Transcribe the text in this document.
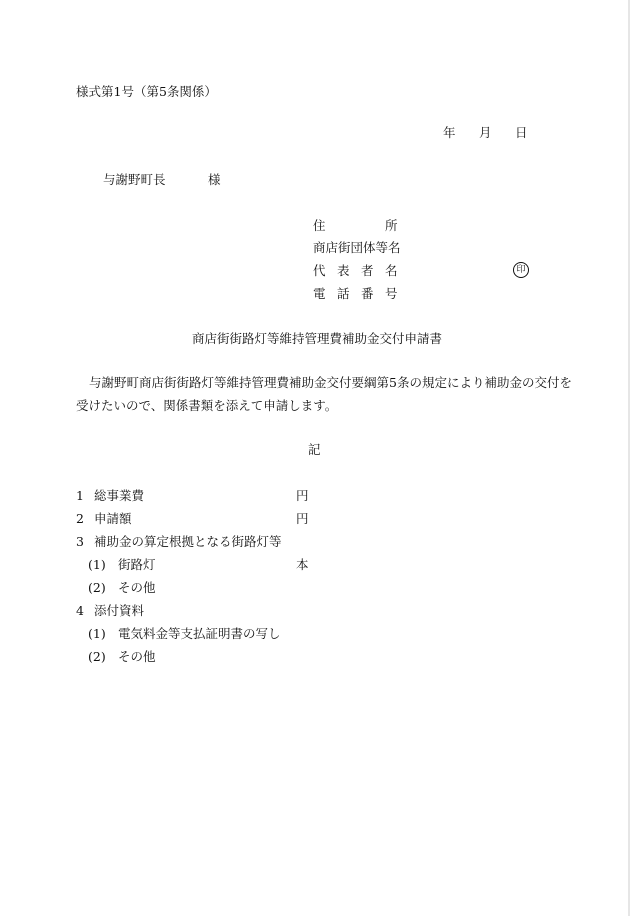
様式第1号（第5条関係）
年 月 日
与謝野町長	様
住	所
商店街団体等名
代 表 者 名	印
電 話 番 号
商店街街路灯等維持管理費補助金交付申請書
与謝野町商店街街路灯等維持管理費補助金交付要綱第5条の規定により補助金の交付を
受けたいので、関係書類を添えて申請します。
記
1 総事業費	円
2 申請額	円
3 補助金の算定根拠となる街路灯等
(1) 街路灯	本
(2) その他
4 添付資料
(1) 電気料金等支払証明書の写し
(2) その他
